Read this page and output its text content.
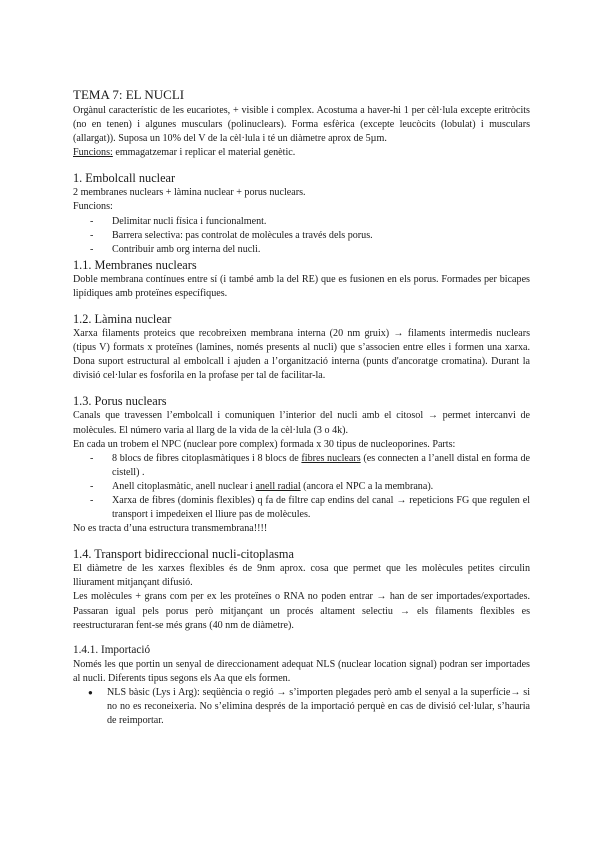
TEMA 7: EL NUCLI

Orgànul característic de les eucariotes, + visible i complex. Acostuma a haver-hi 1 per cèl·lula excepte eritròcits (no en tenen) i algunes musculars (polinuclears). Forma esfèrica (excepte leucòcits (lobulat) i musculars (allargat)). Suposa un 10% del V de la cèl·lula i té un diàmetre aprox de 5µm.

Funcions: emmagatzemar i replicar el material genètic.

1. Embolcall nuclear

2 membranes nuclears + làmina nuclear + porus nuclears.

Funcions:

- Delimitar nucli física i funcionalment.
- Barrera selectiva: pas controlat de molècules a través dels porus.
- Contribuir amb org interna del nucli.
1.1. Membranes nuclears

Doble membrana contínues entre sí (i també amb la del RE) que es fusionen en els porus. Formades per bicapes lipídiques amb proteïnes específiques.

1.2. Làmina nuclear

Xarxa filaments proteics que recobreixen membrana interna (20 nm gruix) → filaments intermedis nuclears (tipus V) formats x proteïnes (lamines, només presents al nucli) que s’associen entre elles i formen una xarxa. Dona suport estructural al embolcall i ajuden a l’organització interna (punts d'ancoratge cromatina). Durant la divisió cel·lular es fosforila en la profase per tal de facilitar-la.

1.3. Porus nuclears

Canals que travessen l’embolcall i comuniquen l’interior del nucli amb el citosol → permet intercanvi de molècules. El número varia al llarg de la vida de la cèl·lula (3 o 4k).

En cada un trobem el NPC (nuclear pore complex) formada x 30 tipus de nucleoporines. Parts:

- 8 blocs de fibres citoplasmàtiques i 8 blocs de fibres nuclears (es connecten a l’anell distal en forma de cistell) .
- Anell citoplasmàtic, anell nuclear i anell radial (ancora el NPC a la membrana).
- Xarxa de fibres (dominis flexibles) q fa de filtre cap endins del canal → repeticions FG que regulen el transport i impedeixen el lliure pas de molècules.

No es tracta d’una estructura transmembrana!!!!

1.4. Transport bidireccional nucli-citoplasma

El diàmetre de les xarxes flexibles és de 9nm aprox. cosa que permet que les molècules petites circulin lliurament mitjançant difusió.

Les molècules + grans com per ex les proteïnes o RNA no poden entrar → han de ser importades/exportades. Passaran igual pels porus però mitjançant un procés altament selectiu → els filaments flexibles es reestructuraran fent-se més grans (40 nm de diàmetre).

1.4.1. Importació

Només les que portin un senyal de direccionament adequat NLS (nuclear location signal) podran ser importades al nucli. Diferents tipus segons els Aa que els formen.

● NLS bàsic (Lys i Arg): seqüència o regió → s’importen plegades però amb el senyal a la superfície→ si no no es reconeixeria. No s’elimina després de la importació perquè en cas de divisió cel·lular, s’hauria de reimportar.
